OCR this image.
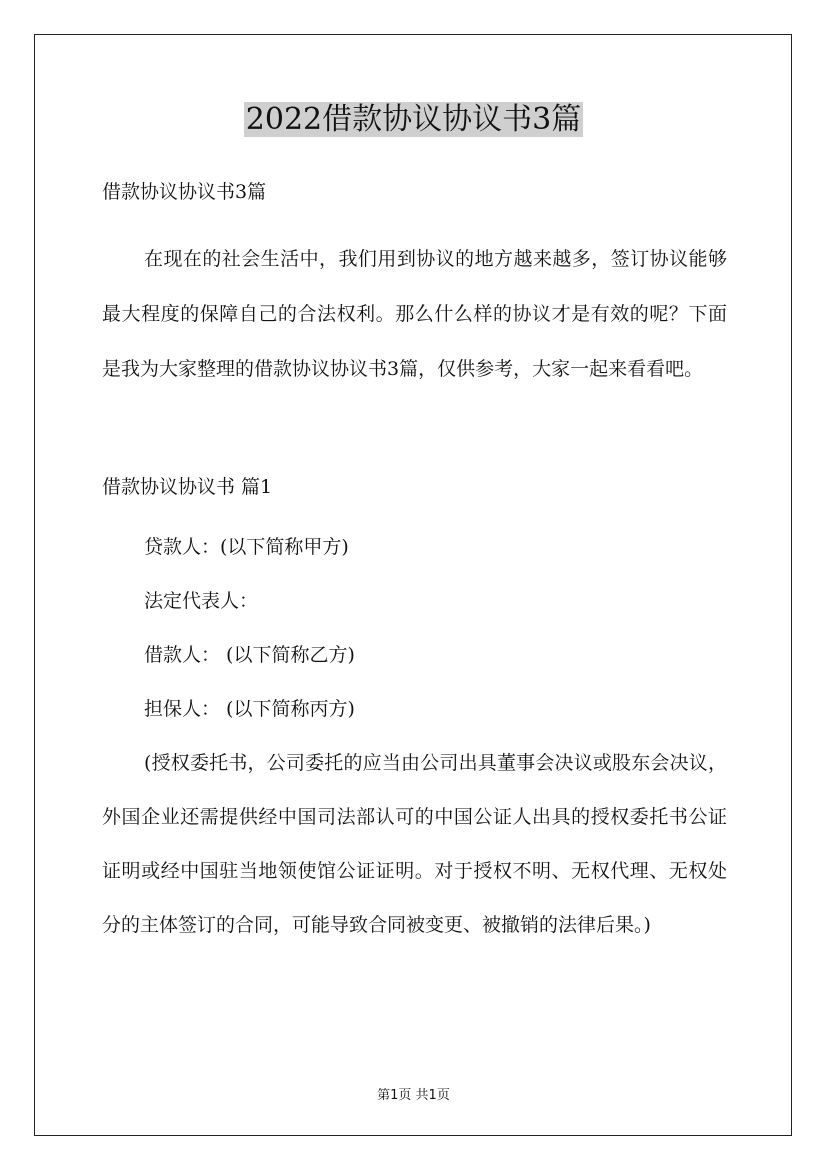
2022借款协议协议书3篇

借款协议协议书3篇

在现在的社会生活中，我们用到协议的地方越来越多，签订协议能够最大程度的保障自己的合法权利。那么什么样的协议才是有效的呢？下面是我为大家整理的借款协议协议书3篇，仅供参考，大家一起来看看吧。

借款协议协议书 篇1

贷款人：(以下简称甲方)

法定代表人：

借款人： (以下简称乙方)

担保人： (以下简称丙方)

(授权委托书，公司委托的应当由公司出具董事会决议或股东会决议，外国企业还需提供经中国司法部认可的中国公证人出具的授权委托书公证证明或经中国驻当地领使馆公证证明。对于授权不明、无权代理、无权处分的主体签订的合同，可能导致合同被变更、被撤销的法律后果。)

第1页 共1页
